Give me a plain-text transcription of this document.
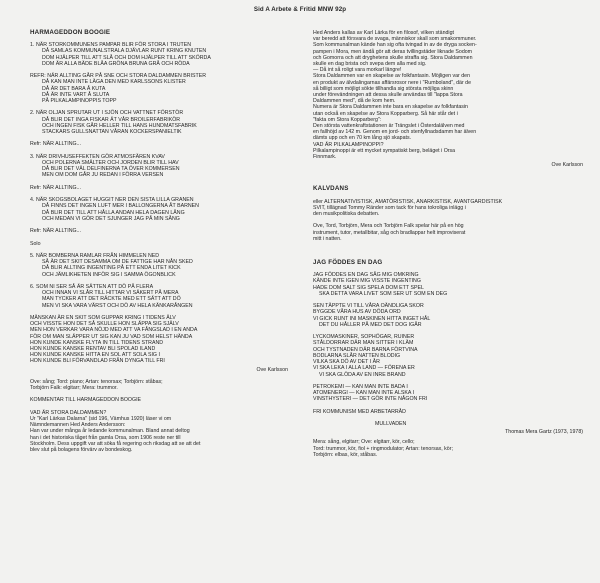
Sid A Arbete & Fritid MNW 92p
HARMAGEDDON BOOGIE
1. NÄR STORKOMMUNENS PAMPAR BLIR FÖR STORA I TRUTEN
DÅ SAMLAS KOMMUNALSTRALA DJÄVLAR RUNT KRING KNUTEN
DOM HJÄLPER TILL ATT SLÅ OCH DOM HJÄLPER TILL ATT SKÖRDA
DOM ÄR ALLA BÄDE BLÅA GRÖNA BRUNA GRÅ OCH RÖDA
REFR: NÄR ALLTING GÅR PÅ SNE OCH STORA DALDAMMEN BRISTER
DÅ KAN MAN INTE LÄGA DEN MED KARLSSONS KLISTER
DÅ ÄR DET BARA Å KUTA
DÅ ÄR INTE VART Å SLUTA
PÅ PILKALAMPINOPPIS TOPP
2. NÄR OLJAN SPRUTAR UT I SJÖN OCH VATTNET FÖRSTÖR
DÅ BLIR DET INGA FISKAR ÄT VÅR BROILERFABRIKÖR
OCH INGEN FISK GÅR HELLER TILL HANS HUNDMATSFABRIK
STACKARS GULLSNATTAN VÅRAN KOCKERSPANIELTIK
Refr: NÄR ALLTING...
3. NÄR DRIVHUSEFFEKTEN GÖR ATMOSFÄREN KVAV
OCH POLERNA SMÄLTER OCH JORDEN BLIR TILL HAV
DÅ BLIR DET VÄL DELFINERNA TA ÖVER KOMMERSEN
MEN OM DOM GÅR JU REDAN I FÖRRA VERSEN
Refr: NÄR ALLTING...
4. NÄR SKOGSBOLAGET HUGGIT NER DEN SISTA LILLA GRANEN
DÅ FINNS DET INGEN LUFT MER I BALLONGERNA ÅT BARNEN
DÅ BLIR DET TILL ATT HÅLLA ANDAN HELA DAGEN LÅNG
OCH MEDAN VI GÖR DET SJUNGER JAG PÅ MIN SÅNG
Refr: NÄR ALLTING...
Solo
5. NÄR BOMBERNA RAMLAR FRÅN HIMMELEN NED
SÅ ÄR DET SKIT DESAMMA OM DE FATTIGE HAR NÅN SKED
DÅ BLIR ALLTING INGENTING PÅ ETT ENDA LITET KICK
OCH JÄMLIKHETEN INFÖR SIG I SAMMA ÖGONBLICK
6. SOM NI SER SÅ ÄR SÄTTEN ATT DÖ PÅ FLERA
OCH INNAN VI SLÅR TILL HITTAR VI SÄKERT PÅ MERA
MAN TYCKER ATT DET RÄCKTE MED ETT SÄTT ATT DÖ
MEN VI SKA VARA VÄRST OCH DÖ AV HELA KÄNKARÅNGEN
MÄNSKAN ÄR EN SKIT SOM GUPPAR KRING I TIDENS ÄLV
OCH VISSTE HON DET SÅ SKULLE HON SLÄPPA SIG SJÄLV
MEN HON VERKAR VARA NÖJD MED ATT VA FÅNGSLAD I EN ANDA
FÖR OM MAN SLÄPPER UT SIG KAN JU VAD SOM HELST HÄNDA
HON KUNDE KANSKE FLYTA IN TILL TIDENS STRAND
HON KUNDE KANSKE RENTAV BLI SPOLAD ILAND
HON KUNDE KANSKE HITTA EN SOL ATT SOLA SIG I
HON KUNDE BLI FÖRVANDLAD FRÅN DYNGA TILL FRI
Ove Karlsson
Ove: sång; Tord: piano; Artan: tenorsax; Torbjörn: ståbas;
Torbjörn Falk: elgitarr; Mera: trummor.
KOMMENTAR TILL HARMAGEDDON BOOGIE
VAD ÄR STORA DALDAMMEN?
Ur "Karl Lärkas Dalarna" (sid 196, Vämhus 1920) läser vi om
Nämndemannen Hed Anders Andersson:
Han var under många år ledande kommunalman. Bland annat deltog
han i det historiska tåget från gamla Orsa, som 1906 reste ner till
Stockholm. Dess uppgift var att söka få regering och riksdag att se att det
blev slut på bolagens förvärv av bondeskog.
Hed Anders kallas av Karl Lärka för en filosof, vilken ständigt
var beredd att försvara de svaga, människor skall som smakommuner.
Som kommunalman kände han sig ofta tvingad in av de dryga socken-
pampen i Mora, men ändå gör att deras tvillingstäder liknade Sodom
och Gomorra och att dryghetens skulle straffa sig. Stora Daldammen
skulle en dag brista och svepa dem alla med sig.
— Då int så roligt vara morkarl längre!
Stora Daldammen var en skapelse av folkfantasin. Möjligen var den
en produkt av älvdalingarnas affärsrosor nere i "Rumboland", där de
så billigt som möjligt sökte tillhandla sig största möjliga skinn
under förevändningen att dessa skulle användas till "lappa Stora
Daldammen med", då de kom hem.
Numera är Stora Daldammen inte bara en skapelse av folkfantasin
utan också en skapelse av Stora Kopparberg. Så här står det i
"fakta om Stora Kopparberg":
Den största vattenkraftstationen är Trängslet i Österdalälven med
en fallhöjd av 142 m. Genom en jord- och stenfyllnadsdamm har älven
dämts upp och en 70 km lång sjö skapats.
VAD ÄR PILKALAMPINOPPI?
Pilkalampinoppi är ett mycket sympatiskt berg, beläget i Orsa
Finnmark.
Ove Karlsson
KALVDANS
eller ALTERNATIVISTISK, AMATÖRISTISK, ANARKISTISK, AVANTGARDISTISK
SVIT, tillägnad Tommy Ränder som tack för hans tokroliga inlägg i
den musikpolitiska debatten.
Ove, Tord, Torbjörn, Mera och Torbjörn Falk spelar här på en hög
instrument, tutor, metallbitar, såg och bradlappar helt improviserat
mitt i natten.
JAG FÖDDES EN DAG
JAG FÖDDES EN DAG SÅG MIG OMKRING
KÄNDE INTE IGEN MIG VISSTE INGENTING
HADE DOM SALT SIG SPELA DOM ETT SPEL
SKA DETTA VARA LIVET SOM SER UT SOM EN DEG
SEN TÄPPTE VI TILL VÅRA OÄNDLIGA SKOR
BYGGDE VÅRA HUS AV DÖDA ORD
VI GICK RUNT INI MASKINEN HITTA INGET HÅL
DET DU HÅLLER PÅ MED DET DOG IGÅR
LYCKOMASKINER, SOPHÖGAR, RUINER
STÅLDORRAR DÄR MAN SITTER I KLÄM
OCH TYSTNADEN DÄR BARNA FÖRTVINA
BODLARNA SLÅR NATTEN BLODIG
VILKA SKA DÖ AV DET I ÅR
VI SKA LEKA I ALLA LAND — FÖRENA ER
VI SKA GLÖDA AV EN INRE BRAND
PETROKEMI — KAN MAN INTE BADA I
ATOMENERGI — KAN MAN INTE ALSKA I
VINSTHYSTERI — DET GÖR INTE NÅGON FRI
FRI KOMMUNISM MED ARBETARRÅD
MULLVADEN
Thomas Mera Gartz (1973, 1978)
Mera: sång, elgitarr; Ove: elgitarr, kör, cello;
Tord: trummor, kör, fiol + ringmodulator; Artan: tenorsax, kör;
Torbjörn: elbas, kör, ståbas.
